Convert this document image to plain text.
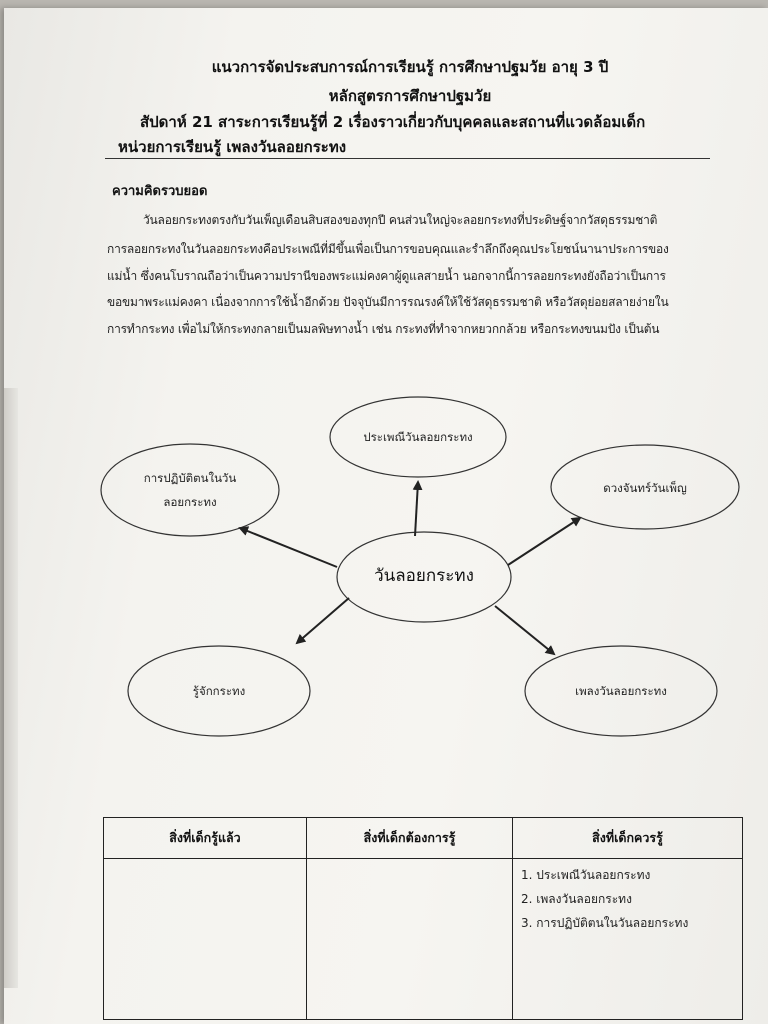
แนวการจัดประสบการณ์การเรียนรู้ การศึกษาปฐมวัย อายุ 3 ปี
หลักสูตรการศึกษาปฐมวัย
สัปดาห์ 21 สาระการเรียนรู้ที่ 2 เรื่องราวเกี่ยวกับบุคคลและสถานที่แวดล้อมเด็ก
หน่วยการเรียนรู้ เพลงวันลอยกระทง
ความคิดรวบยอด
วันลอยกระทงตรงกับวันเพ็ญเดือนสิบสองของทุกปี คนส่วนใหญ่จะลอยกระทงที่ประดิษฐ์จากวัสดุธรรมชาติ
การลอยกระทงในวันลอยกระทงคือประเพณีที่มีขึ้นเพื่อเป็นการขอบคุณและรำลึกถึงคุณประโยชน์นานาประการของ
แม่น้ำ ซึ่งคนโบราณถือว่าเป็นความปรานีของพระแม่คงคาผู้ดูแลสายน้ำ นอกจากนี้การลอยกระทงยังถือว่าเป็นการ
ขอขมาพระแม่คงคา เนื่องจากการใช้น้ำอีกด้วย ปัจจุบันมีการรณรงค์ให้ใช้วัสดุธรรมชาติ หรือวัสดุย่อยสลายง่ายใน
การทำกระทง เพื่อไม่ให้กระทงกลายเป็นมลพิษทางน้ำ เช่น กระทงที่ทำจากหยวกกล้วย หรือกระทงขนมปัง เป็นต้น
วันลอยกระทง
ประเพณีวันลอยกระทง
การปฏิบัติตนในวัน
ลอยกระทง
ดวงจันทร์วันเพ็ญ
รู้จักกระทง	เพลงวันลอยกระทง
สิ่งที่เด็กรู้แล้ว	สิ่งที่เด็กต้องการรู้	สิ่งที่เด็กควรรู้

		1. ประเพณีวันลอยกระทง
2. เพลงวันลอยกระทง
3. การปฏิบัติตนในวันลอยกระทง
